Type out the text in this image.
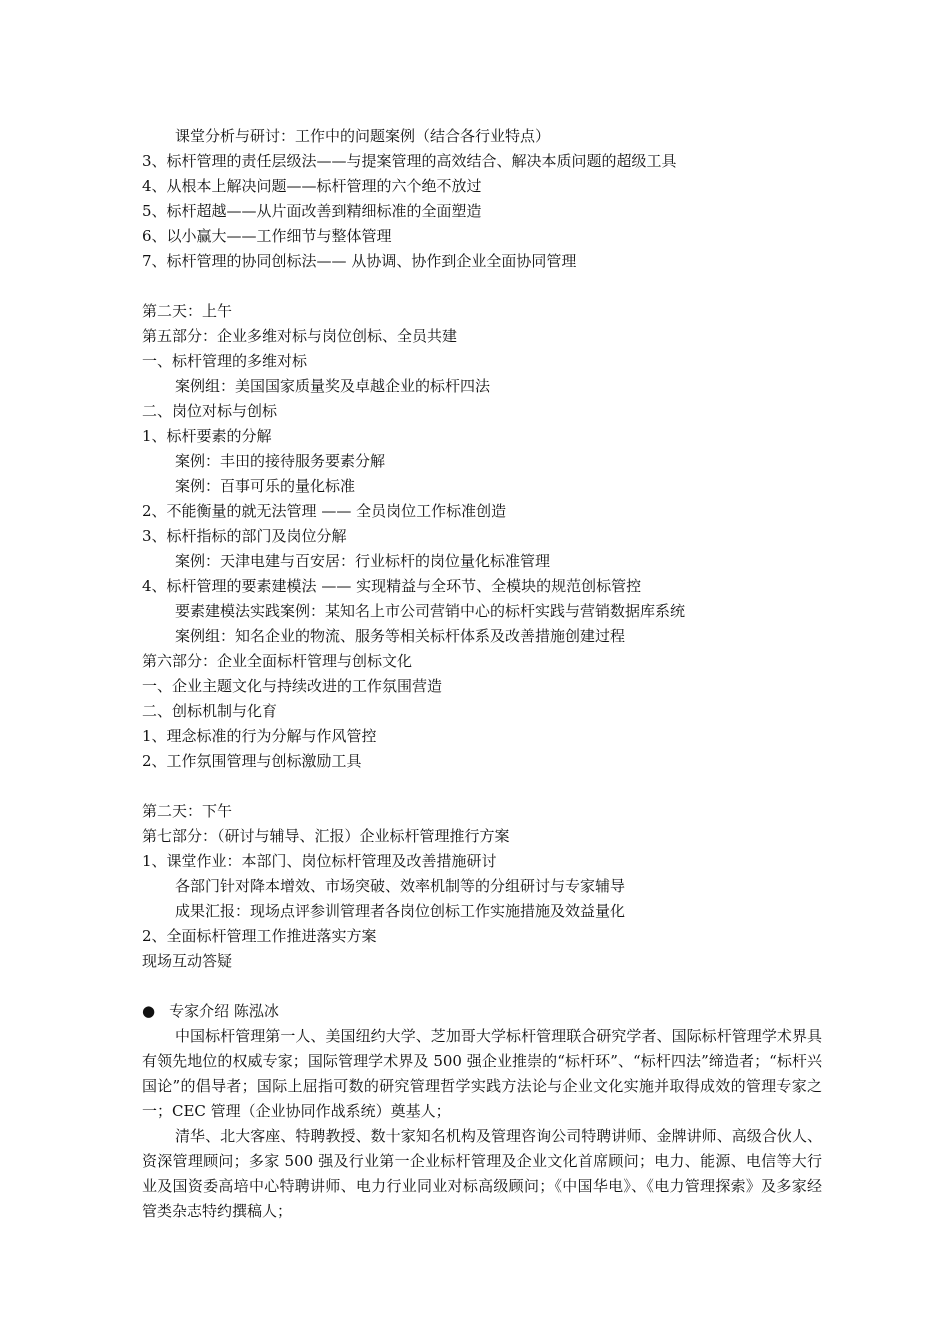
课堂分析与研讨：工作中的问题案例（结合各行业特点）
3、标杆管理的责任层级法——与提案管理的高效结合、解决本质问题的超级工具
4、从根本上解决问题——标杆管理的六个绝不放过
5、标杆超越——从片面改善到精细标准的全面塑造
6、以小赢大——工作细节与整体管理
7、标杆管理的协同创标法—— 从协调、协作到企业全面协同管理
第二天：上午
第五部分：企业多维对标与岗位创标、全员共建
一、标杆管理的多维对标
案例组：美国国家质量奖及卓越企业的标杆四法
二、岗位对标与创标
1、标杆要素的分解
案例：丰田的接待服务要素分解
案例：百事可乐的量化标准
2、不能衡量的就无法管理 —— 全员岗位工作标准创造
3、标杆指标的部门及岗位分解
案例：天津电建与百安居：行业标杆的岗位量化标准管理
4、标杆管理的要素建模法 —— 实现精益与全环节、全模块的规范创标管控
要素建模法实践案例：某知名上市公司营销中心的标杆实践与营销数据库系统
案例组：知名企业的物流、服务等相关标杆体系及改善措施创建过程
第六部分：企业全面标杆管理与创标文化
一、企业主题文化与持续改进的工作氛围营造
二、创标机制与化育
1、理念标准的行为分解与作风管控
2、工作氛围管理与创标激励工具
第二天：下午
第七部分：（研讨与辅导、汇报）企业标杆管理推行方案
1、课堂作业：本部门、岗位标杆管理及改善措施研讨
各部门针对降本增效、市场突破、效率机制等的分组研讨与专家辅导
成果汇报：现场点评参训管理者各岗位创标工作实施措施及效益量化
2、全面标杆管理工作推进落实方案
现场互动答疑
● 专家介绍 陈泓冰
中国标杆管理第一人、美国纽约大学、芝加哥大学标杆管理联合研究学者、国际标杆管理学术界具有领先地位的权威专家；国际管理学术界及 500 强企业推崇的“标杆环”、“标杆四法”缔造者；“标杆兴国论”的倡导者；国际上屈指可数的研究管理哲学实践方法论与企业文化实施并取得成效的管理专家之一；CEC 管理（企业协同作战系统）奠基人；
清华、北大客座、特聘教授、数十家知名机构及管理咨询公司特聘讲师、金牌讲师、高级合伙人、资深管理顾问；多家 500 强及行业第一企业标杆管理及企业文化首席顾问；电力、能源、电信等大行业及国资委高培中心特聘讲师、电力行业同业对标高级顾问；《中国华电》、《电力管理探索》及多家经管类杂志特约撰稿人；
